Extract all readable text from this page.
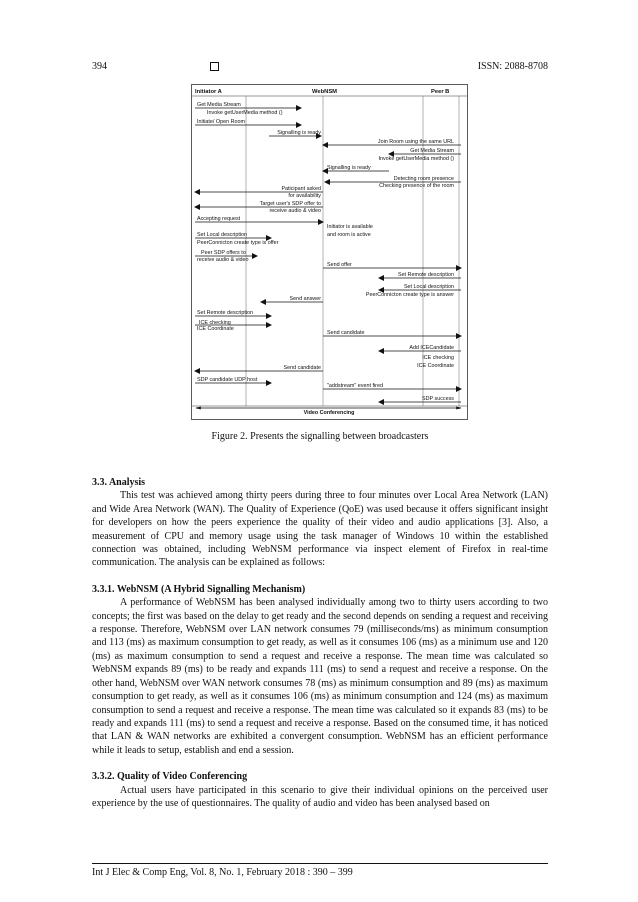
394	ISSN: 2088-8708
Initiator A	WebNSM	Peer B
Get Media Stream
Invoke getUserMedia method ()
Initiate/ Open Room
Signalling is ready
Join Room using the same URL
Get Media Stream
Invoke getUserMedia method ()
Signalling is ready
Detecting room presence
Checking presence of the room
Paticipant asked
for availability
Target user's SDP offer to
receive audio & video
Accepting request
Initiator is available
and room is active
Set Local description
PeerConnicton create type is offer
Peer SDP offers to
receive audio & video
Send offer
Set Remote description
Set Local description
PeerConnicton create type is answer
Send answer
Set Remote description
ICE checking
ICE Coordinate
Send candidate
Add ICECandidate
ICE checking
ICE Coordinate
Send candidate
SDP candidate UDP host
"addstream" event fired
SDP success
Video Conferencing
Figure 2. Presents the signalling between broadcasters
3.3. Analysis

This test was achieved among thirty peers during three to four minutes over Local Area Network (LAN) and Wide Area Network (WAN). The Quality of Experience (QoE) was used because it offers significant insight for developers on how the peers experience the quality of their video and audio applications [3]. Also, a measurement of CPU and memory usage using the task manager of Windows 10 within the established connection was obtained, including WebNSM performance via inspect element of Firefox in real-time communication. The analysis can be explained as follows:

3.3.1. WebNSM (A Hybrid Signalling Mechanism)

A performance of WebNSM has been analysed individually among two to thirty users according to two concepts; the first was based on the delay to get ready and the second depends on sending a request and receiving a response. Therefore, WebNSM over LAN network consumes 79 (milliseconds/ms) as minimum consumption and 113 (ms) as maximum consumption to get ready, as well as it consumes 106 (ms) as a minimum use and 120 (ms) as maximum consumption to send a request and receive a response. The mean time was calculated so WebNSM expands 89 (ms) to be ready and expands 111 (ms) to send a request and receive a response. On the other hand, WebNSM over WAN network consumes 78 (ms) as minimum consumption and 89 (ms) as maximum consumption to get ready, as well as it consumes 106 (ms) as minimum consumption and 124 (ms) as maximum consumption to send a request and receive a response. The mean time was calculated so it expands 83 (ms) to be ready and expands 111 (ms) to send a request and receive a response. Based on the consumed time, it has noticed that LAN & WAN networks are exhibited a convergent consumption. WebNSM has an efficient performance while it leads to setup, establish and end a session.

3.3.2. Quality of Video Conferencing

Actual users have participated in this scenario to give their individual opinions on the perceived user experience by the use of questionnaires. The quality of audio and video has been analysed based on

Int J Elec & Comp Eng, Vol. 8, No. 1, February 2018 : 390 – 399
